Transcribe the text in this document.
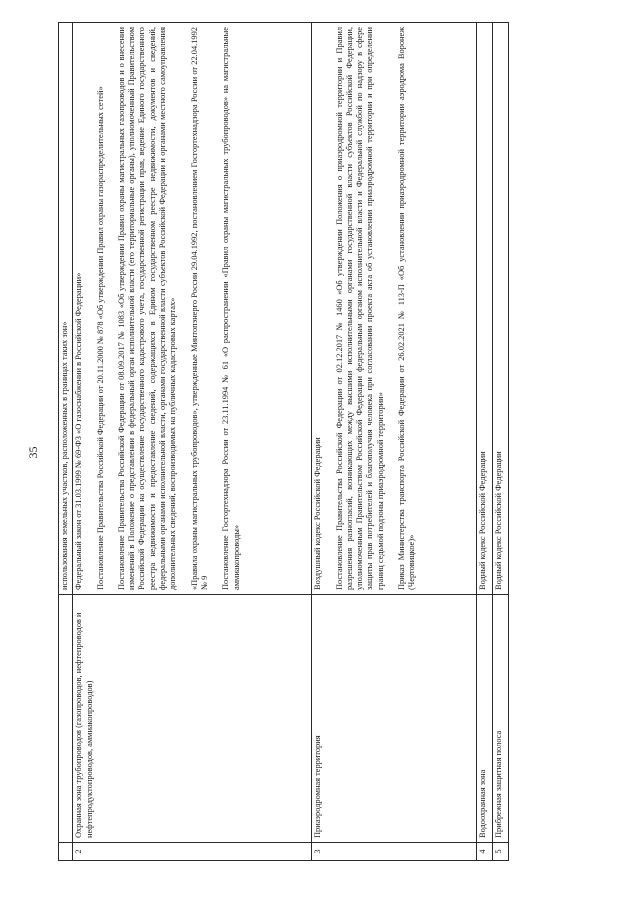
35

		использования земельных участков, расположенных в границах таких зон»

2	Охранная зона трубопроводов (газопроводов, нефтепроводов и нефтепродуктопроводов, аммиакопроводов)	Федеральный закон от 31.03.1999 № 69-ФЗ «О газоснабжении в Российской Федерации» Постановление Правительства Российской Федерации от 20.11.2000 № 878 «Об утверждении Правил охраны газораспределительных сетей» Постановление Правительства Российской Федерации от 08.09.2017 № 1083 «Об утверждении Правил охраны магистральных газопроводов и о внесении изменений в Положение о представлении в федеральный орган исполнительной власти (его территориальные органы), уполномоченный Правительством Российской Федерации на осуществление государственного кадастрового учета, государственной регистрации прав, ведение Единого государственного реестра недвижимости и предоставление сведений, содержащихся в Едином государственном реестре недвижимости, документов и сведений, федеральными органами исполнительной власти, органами государственной власти субъектов Российской Федерации и органами местного самоуправления дополнительных сведений, воспроизводимых на публичных кадастровых картах» «Правила охраны магистральных трубопроводов», утвержденные Минтопэнерго России 29.04.1992, постановлением Госгортехнадзора России от 22.04.1992 № 9 Постановление Госгортехнадзора России от 23.11.1994 № 61 «О распространении «Правил охраны магистральных трубопроводов» на магистральные аммиакопроводы»

3	Приаэродромная территория	Воздушный кодекс Российской Федерации Постановление Правительства Российской Федерации от 02.12.2017 № 1460 «Об утверждении Положения о приаэродромной территории и Правил разрешения разногласий, возникающих между высшими исполнительными органами государственной власти субъектов Российской Федерации, уполномоченным Правительством Российской Федерации федеральным органом исполнительной власти и Федеральной службой по надзору в сфере защиты прав потребителей и благополучия человека при согласовании проекта акта об установлении приаэродромной территории и при определении границ седьмой подзоны приаэродромной территории» Приказ Министерства транспорта Российской Федерации от 26.02.2021 № 113-П «Об установлении приаэродромной территории аэродрома Воронеж (Чертовицкое)»

4	Водоохранная зона	Водный кодекс Российской Федерации

5	Прибрежная защитная полоса	Водный кодекс Российской Федерации
